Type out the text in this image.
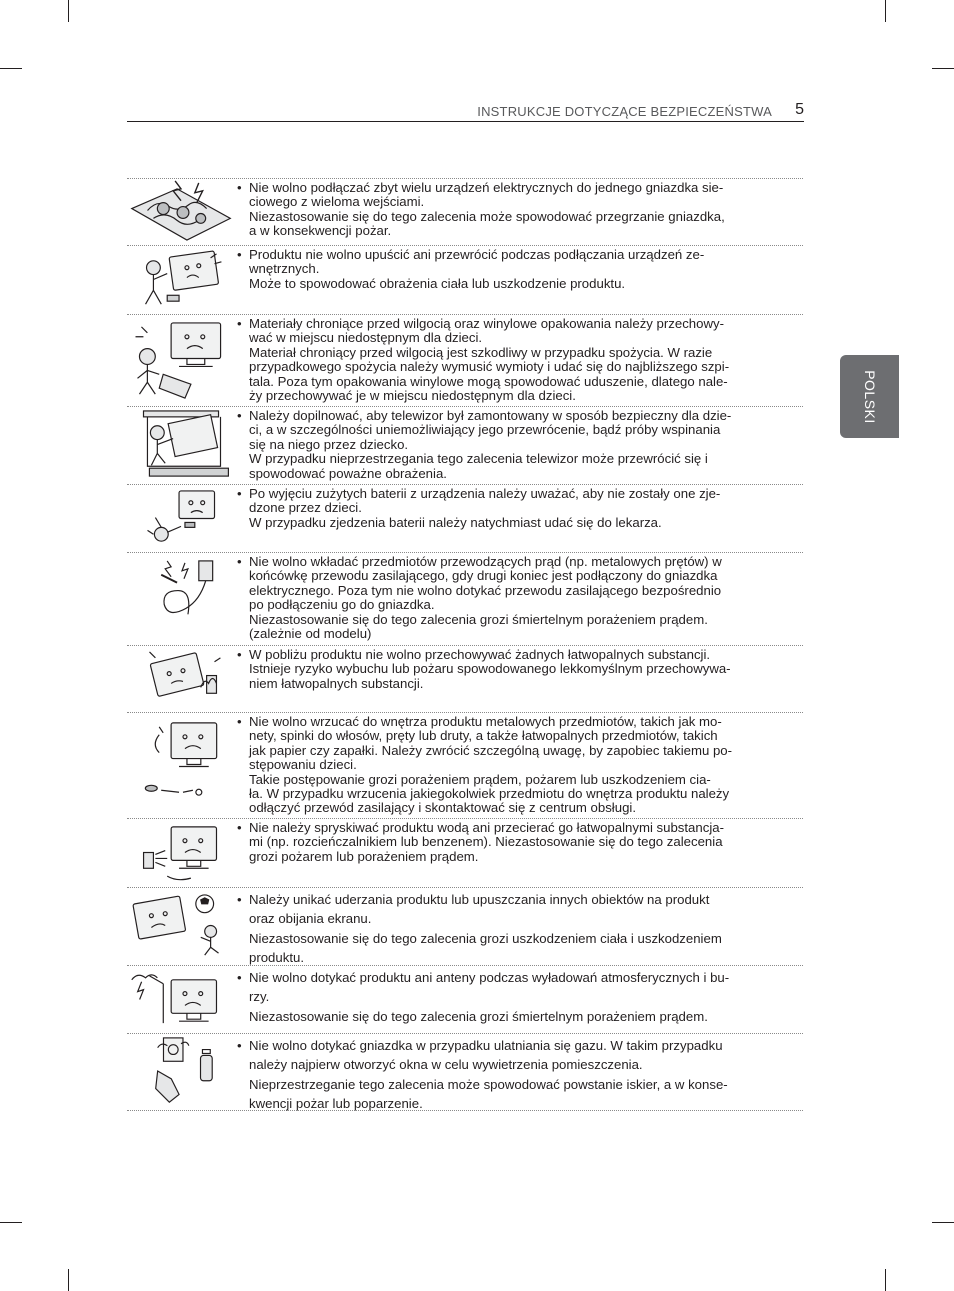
INSTRUKCJE DOTYCZĄCE BEZPIECZEŃSTWA 5
POLSKI
• Nie wolno podłączać zbyt wielu urządzeń elektrycznych do jednego gniazdka sie-
ciowego z wieloma wejściami.
Niezastosowanie się do tego zalecenia może spowodować przegrzanie gniazdka,
a w konsekwencji pożar.
• Produktu nie wolno upuścić ani przewrócić podczas podłączania urządzeń ze-
wnętrznych.
Może to spowodować obrażenia ciała lub uszkodzenie produktu.
• Materiały chroniące przed wilgocią oraz winylowe opakowania należy przechowy-
wać w miejscu niedostępnym dla dzieci.
Materiał chroniący przed wilgocią jest szkodliwy w przypadku spożycia. W razie
przypadkowego spożycia należy wymusić wymioty i udać się do najbliższego szpi-
tala. Poza tym opakowania winylowe mogą spowodować uduszenie, dlatego nale-
ży przechowywać je w miejscu niedostępnym dla dzieci.
• Należy dopilnować, aby telewizor był zamontowany w sposób bezpieczny dla dzie-
ci, a w szczególności uniemożliwiający jego przewrócenie, bądź próby wspinania
się na niego przez dziecko.
W przypadku nieprzestrzegania tego zalecenia telewizor może przewrócić się i
spowodować poważne obrażenia.
• Po wyjęciu zużytych baterii z urządzenia należy uważać, aby nie zostały one zje-
dzone przez dzieci.
W przypadku zjedzenia baterii należy natychmiast udać się do lekarza.
• Nie wolno wkładać przedmiotów przewodzących prąd (np. metalowych prętów) w
końcówkę przewodu zasilającego, gdy drugi koniec jest podłączony do gniazdka
elektrycznego. Poza tym nie wolno dotykać przewodu zasilającego bezpośrednio
po podłączeniu go do gniazdka.
Niezastosowanie się do tego zalecenia grozi śmiertelnym porażeniem prądem.
(zależnie od modelu)
• W pobliżu produktu nie wolno przechowywać żadnych łatwopalnych substancji.
Istnieje ryzyko wybuchu lub pożaru spowodowanego lekkomyślnym przechowywa-
niem łatwopalnych substancji.
• Nie wolno wrzucać do wnętrza produktu metalowych przedmiotów, takich jak mo-
nety, spinki do włosów, pręty lub druty, a także łatwopalnych przedmiotów, takich
jak papier czy zapałki. Należy zwrócić szczególną uwagę, by zapobiec takiemu po-
stępowaniu dzieci.
Takie postępowanie grozi porażeniem prądem, pożarem lub uszkodzeniem cia-
ła. W przypadku wrzucenia jakiegokolwiek przedmiotu do wnętrza produktu należy
odłączyć przewód zasilający i skontaktować się z centrum obsługi.
• Nie należy spryskiwać produktu wodą ani przecierać go łatwopalnymi substancja-
mi (np. rozcieńczalnikiem lub benzenem). Niezastosowanie się do tego zalecenia
grozi pożarem lub porażeniem prądem.
• Należy unikać uderzania produktu lub upuszczania innych obiektów na produkt
oraz obijania ekranu.
Niezastosowanie się do tego zalecenia grozi uszkodzeniem ciała i uszkodzeniem
produktu.
• Nie wolno dotykać produktu ani anteny podczas wyładowań atmosferycznych i bu-
rzy.
Niezastosowanie się do tego zalecenia grozi śmiertelnym porażeniem prądem.
• Nie wolno dotykać gniazdka w przypadku ulatniania się gazu. W takim przypadku
należy najpierw otworzyć okna w celu wywietrzenia pomieszczenia.
Nieprzestrzeganie tego zalecenia może spowodować powstanie iskier, a w konse-
kwencji pożar lub poparzenie.
